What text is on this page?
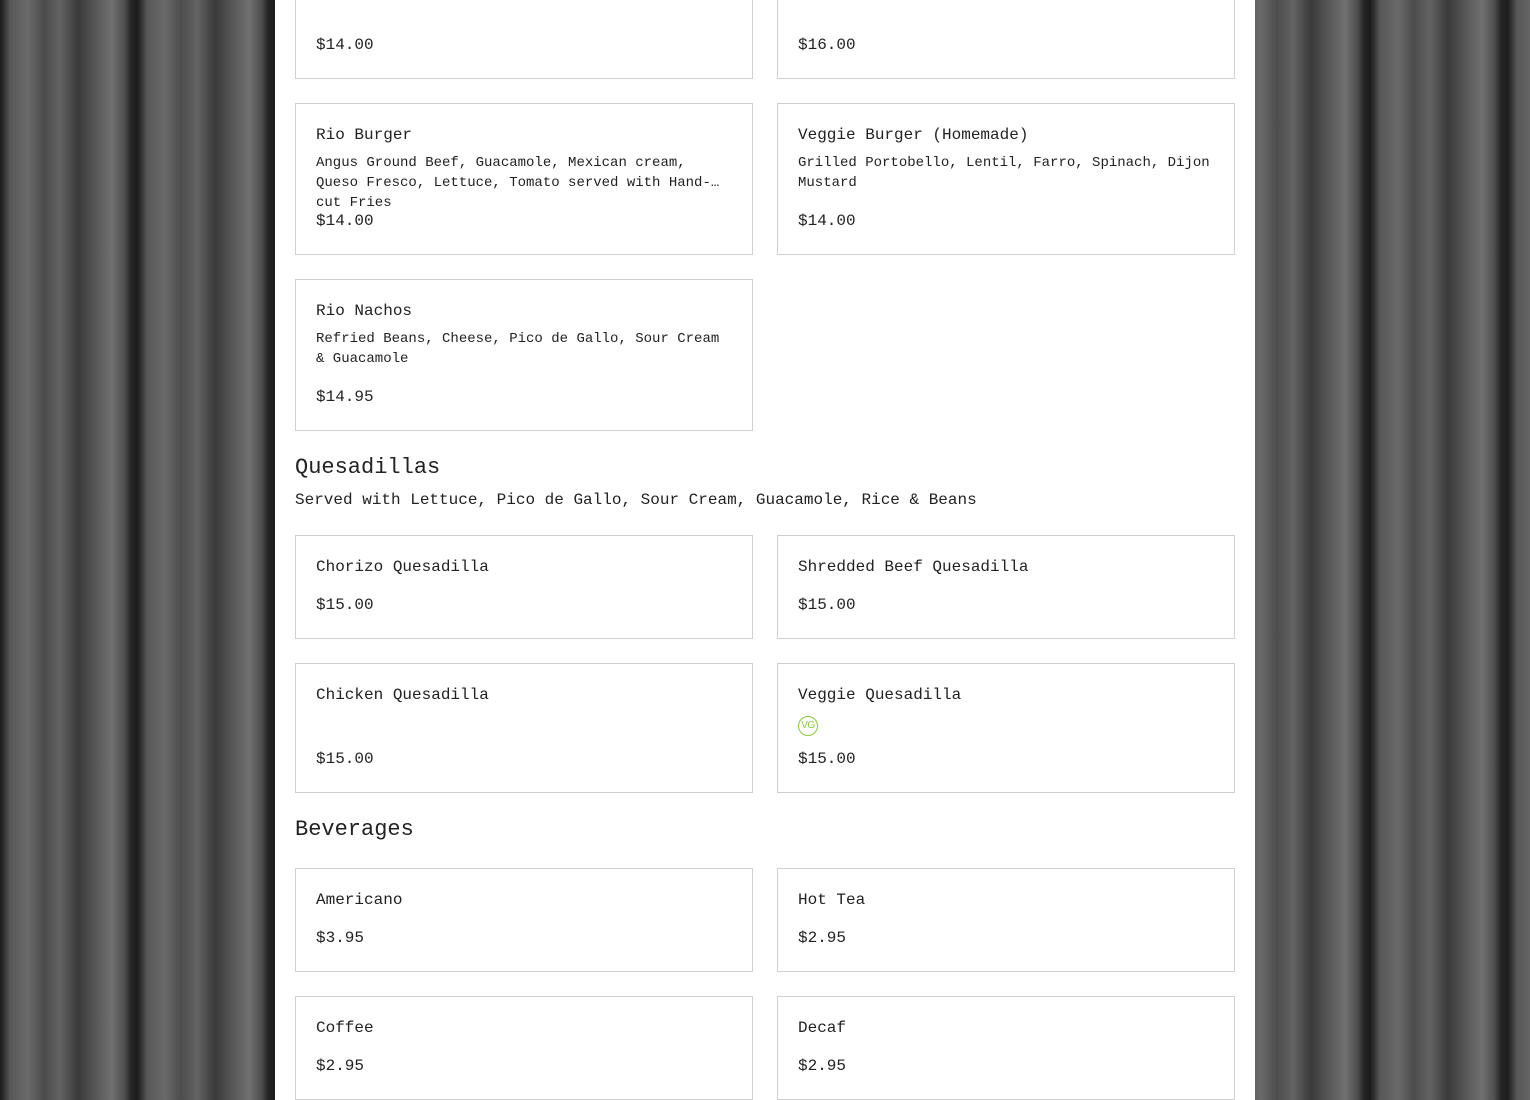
$14.00	$16.00
Rio Burger
Angus Ground Beef, Guacamole, Mexican cream, Queso Fresco, Lettuce, Tomato served with Hand-cut Fries
$14.00
Veggie Burger (Homemade)
Grilled Portobello, Lentil, Farro, Spinach, Dijon Mustard
$14.00
Rio Nachos
Refried Beans, Cheese, Pico de Gallo, Sour Cream & Guacamole
$14.95
Quesadillas
Served with Lettuce, Pico de Gallo, Sour Cream, Guacamole, Rice & Beans
Chorizo Quesadilla
$15.00
Shredded Beef Quesadilla
$15.00
Chicken Quesadilla
$15.00
Veggie Quesadilla
VG
$15.00
Beverages
Americano
$3.95
Hot Tea
$2.95
Coffee
$2.95
Decaf
$2.95
